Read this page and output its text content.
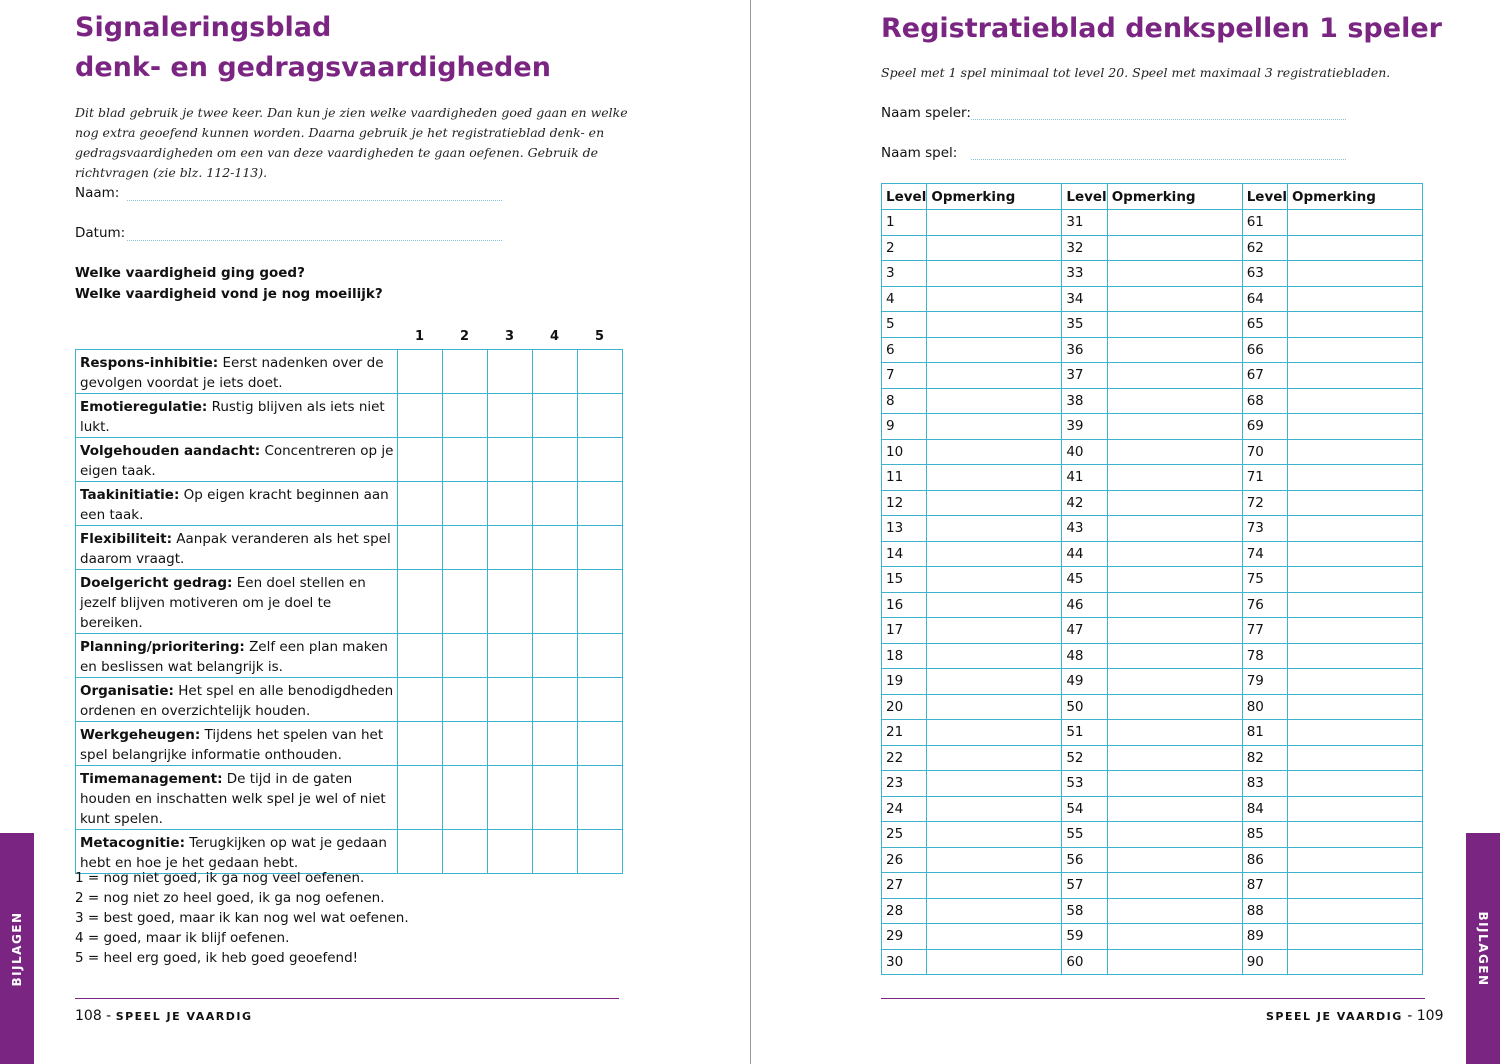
Signaleringsblad
denk- en gedragsvaardigheden

Dit blad gebruik je twee keer. Dan kun je zien welke vaardigheden goed gaan en welke nog extra geoefend kunnen worden. Daarna gebruik je het registratieblad denk- en gedragsvaardigheden om een van deze vaardigheden te gaan oefenen. Gebruik de richtvragen (zie blz. 112-113).

Naam:
Datum:
Welke vaardigheid ging goed?
Welke vaardigheid vond je nog moeilijk?
1	2	3	4	5
Respons-inhibitie: Eerst nadenken over de gevolgen voordat je iets doet.					
Emotieregulatie: Rustig blijven als iets niet lukt.					
Volgehouden aandacht: Concentreren op je eigen taak.					
Taakinitiatie: Op eigen kracht beginnen aan een taak.					
Flexibiliteit: Aanpak veranderen als het spel daarom vraagt.					
Doelgericht gedrag: Een doel stellen en jezelf blijven motiveren om je doel te bereiken.					
Planning/prioritering: Zelf een plan maken en beslissen wat belangrijk is.					
Organisatie: Het spel en alle benodigdheden ordenen en overzichtelijk houden.					
Werkgeheugen: Tijdens het spelen van het spel belangrijke informatie onthouden.					
Timemanagement: De tijd in de gaten houden en inschatten welk spel je wel of niet kunt spelen.					
Metacognitie: Terugkijken op wat je gedaan hebt en hoe je het gedaan hebt.					
1 = nog niet goed, ik ga nog veel oefenen.
2 = nog niet zo heel goed, ik ga nog oefenen.
3 = best goed, maar ik kan nog wel wat oefenen.
4 = goed, maar ik blijf oefenen.
5 = heel erg goed, ik heb goed geoefend!
108 - SPEEL JE VAARDIG
BIJLAGEN
Registratieblad denkspellen 1 speler

Speel met 1 spel minimaal tot level 20. Speel met maximaal 3 registratiebladen.

Naam speler:
Naam spel:
Level	Opmerking	Level	Opmerking	Level	Opmerking
1		31		61	
2		32		62	
3		33		63	
4		34		64	
5		35		65	
6		36		66	
7		37		67	
8		38		68	
9		39		69	
10		40		70	
11		41		71	
12		42		72	
13		43		73	
14		44		74	
15		45		75	
16		46		76	
17		47		77	
18		48		78	
19		49		79	
20		50		80	
21		51		81	
22		52		82	
23		53		83	
24		54		84	
25		55		85	
26		56		86	
27		57		87	
28		58		88	
29		59		89	
30		60		90	
SPEEL JE VAARDIG - 109
BIJLAGEN
